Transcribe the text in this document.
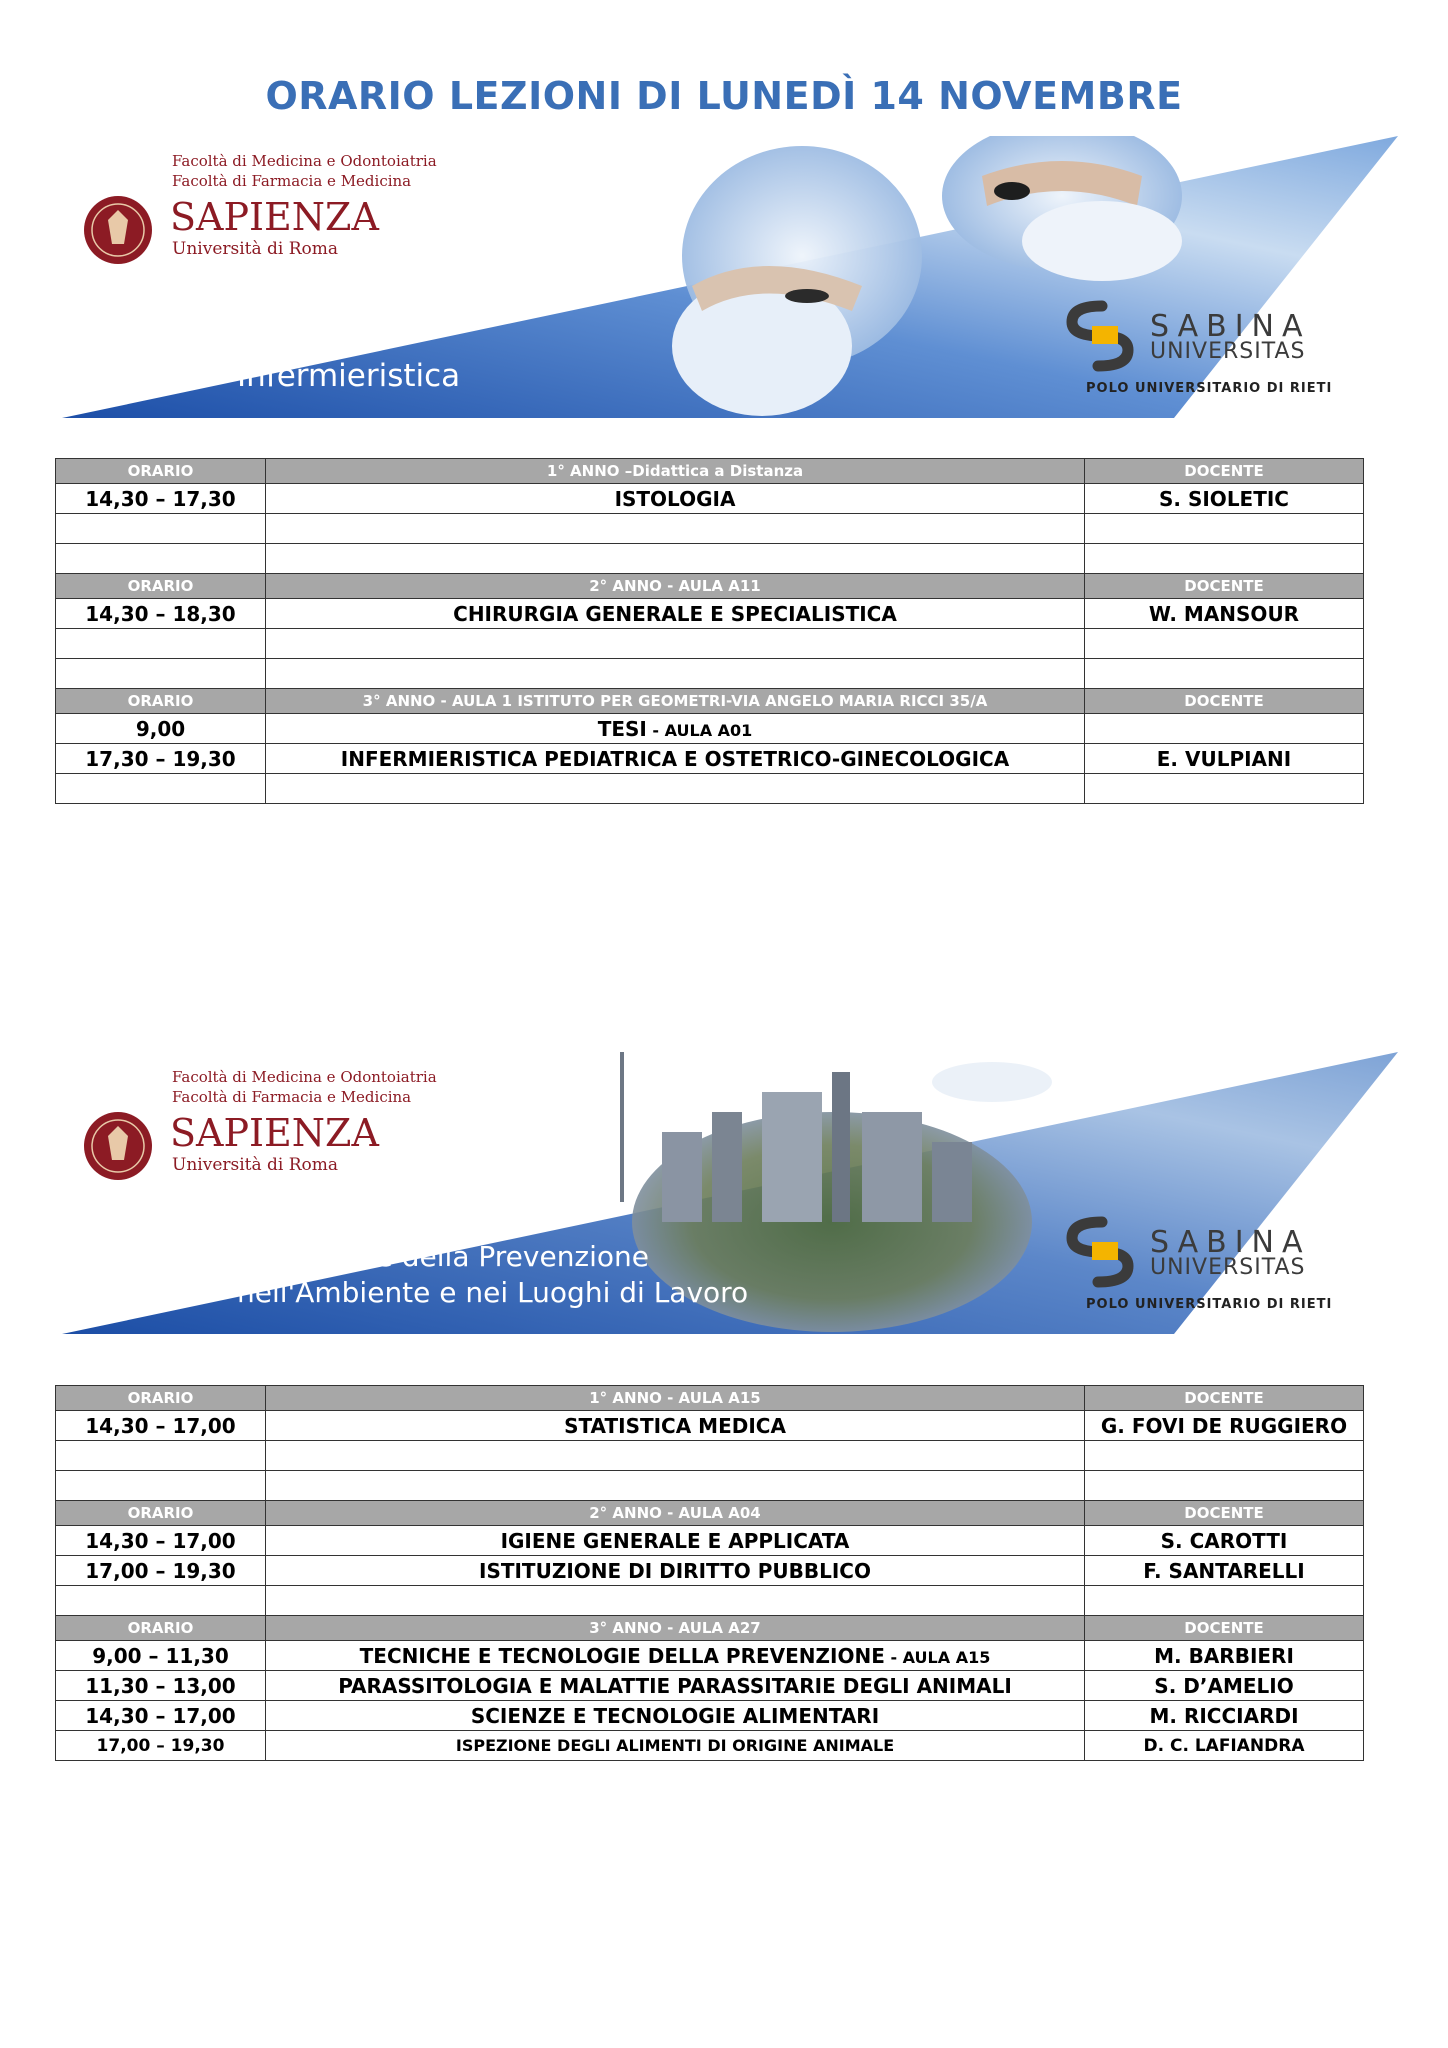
ORARIO LEZIONI DI LUNEDÌ 14 NOVEMBRE
Facoltà di Medicina e Odontoiatria
Facoltà di Farmacia e Medicina
SAPIENZA
Università di Roma
Infermieristica
SABINA
UNIVERSITAS
POLO UNIVERSITARIO DI RIETI
ORARIO	1° ANNO –Didattica a Distanza	DOCENTE
14,30 – 17,30	ISTOLOGIA	S. SIOLETIC

ORARIO	2° ANNO - AULA A11	DOCENTE
14,30 – 18,30	CHIRURGIA GENERALE E SPECIALISTICA	W. MANSOUR

ORARIO	3° ANNO - AULA 1 ISTITUTO PER GEOMETRI-VIA ANGELO MARIA RICCI 35/A	DOCENTE
9,00	TESI - AULA A01	
17,30 – 19,30	INFERMIERISTICA PEDIATRICA E OSTETRICO-GINECOLOGICA	E. VULPIANI

Facoltà di Medicina e Odontoiatria
Facoltà di Farmacia e Medicina
SAPIENZA
Università di Roma
Tecniche della Prevenzione
nell'Ambiente e nei Luoghi di Lavoro
SABINA
UNIVERSITAS
POLO UNIVERSITARIO DI RIETI
ORARIO	1° ANNO - AULA A15	DOCENTE
14,30 – 17,00	STATISTICA MEDICA	G. FOVI DE RUGGIERO

ORARIO	2° ANNO - AULA A04	DOCENTE
14,30 – 17,00	IGIENE GENERALE E APPLICATA	S. CAROTTI
17,00 – 19,30	ISTITUZIONE DI DIRITTO PUBBLICO	F. SANTARELLI

ORARIO	3° ANNO - AULA A27	DOCENTE
9,00 – 11,30	TECNICHE E TECNOLOGIE DELLA PREVENZIONE - AULA A15	M. BARBIERI
11,30 – 13,00	PARASSITOLOGIA E MALATTIE PARASSITARIE DEGLI ANIMALI	S. D’AMELIO
14,30 – 17,00	SCIENZE E TECNOLOGIE ALIMENTARI	M. RICCIARDI
17,00 – 19,30	ISPEZIONE DEGLI ALIMENTI DI ORIGINE ANIMALE	D. C. LAFIANDRA
